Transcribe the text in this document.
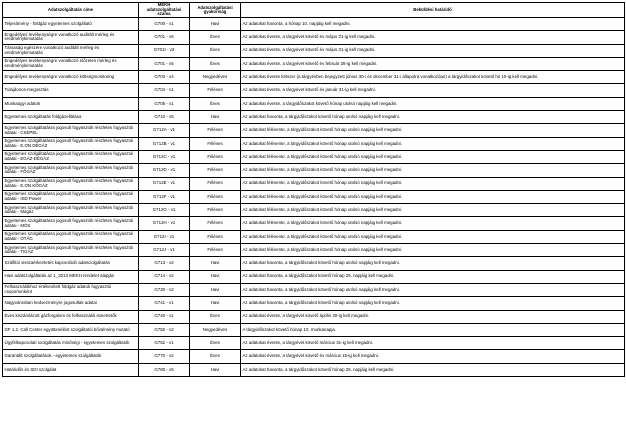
Adatszolgáltatás címe	MEKH adatszolgáltatási száma	Adatszolgáltatási gyakoriság	Beküldési határidő
Teljesítmény - földgáz egyetemes szolgáltató	G700 - v1	Havi	Az adatokat havonta, a hónap 10. napjáig kell megadni.
Engedélyes tevékenységre vonatkozó auditált mérleg és eredménykimutatás	G701 - v6	Éves	Az adatokat évente, a tárgyévet követő év május 31-ig kell megadni.
Társaság egészére vonatkozó auditált mérleg és eredménykimutatás	G701t - v3	Éves	Az adatokat évente, a tárgyévet követő év május 31-ig kell megadni.
Engedélyes tevékenységre vonatkozó előzetes mérleg és eredménykimutatás	G701 - v5	Éves	Az adatokat évente, a tárgyévet követő év február 28-ig kell megadni.
Engedélyes tevékenységre vonatkozó költségmonitoring	G703 - v4	Negyedéves	Az adatokat évente kétszer (a tárgyévben bejegyzett június 30-i és december 31-i állapotra vonatkozóan) a tárgyidőszakot követő hó 10-ig kell megadni.
Tulajdonos-megosztás	G704 - v1	Féléves	Az adatokat évente, a tárgyévet követő év január 31-ig kell megadni.
Munkaügyi adatok	G705 - v1	Éves	Az adatokat évente, a tárgyidőszakot követő hónap utolsó napjáig kell megadni.
Egyetemes szolgáltatás földgázellátása	G710 - v5	Havi	Az adatokat havonta, a tárgyidőszakot követő hónap utolsó napjáig kell megadni.
Egyetemes szolgáltatásra jogosult fogyasztók részletes fogyasztói adatai - CSEPEL	G712A - v1	Féléves	Az adatokat félévente, a tárgyidőszakot követő hónap utolsó napjáig kell megadni.
Egyetemes szolgáltatásra jogosult fogyasztók részletes fogyasztói adatai - E.ON DÉGÁZ	G712B - v1	Féléves	Az adatokat félévente, a tárgyidőszakot követő hónap utolsó napjáig kell megadni.
Egyetemes szolgáltatásra jogosult fogyasztók részletes fogyasztói adatai - EGÁZ-DÉGÁZ	G712C - v1	Féléves	Az adatokat félévente, a tárgyidőszakot követő hónap utolsó napjáig kell megadni.
Egyetemes szolgáltatásra jogosult fogyasztók részletes fogyasztói adatai - FŐGÁZ	G712D - v1	Féléves	Az adatokat félévente, a tárgyidőszakot követő hónap utolsó napjáig kell megadni.
Egyetemes szolgáltatásra jogosult fogyasztók részletes fogyasztói adatai - E.ON KÖGÁZ	G712E - v1	Féléves	Az adatokat félévente, a tárgyidőszakot követő hónap utolsó napjáig kell megadni.
Egyetemes szolgáltatásra jogosult fogyasztók részletes fogyasztói adatai - ISD Power	G712F - v1	Féléves	Az adatokat félévente, a tárgyidőszakot követő hónap utolsó napjáig kell megadni.
Egyetemes szolgáltatásra jogosult fogyasztók részletes fogyasztói adatai - Magáz	G712G - v1	Féléves	Az adatokat félévente, a tárgyidőszakot követő hónap utolsó napjáig kell megadni.
Egyetemes szolgáltatásra jogosult fogyasztók részletes fogyasztói adatai - MÓS	G712H - v1	Féléves	Az adatokat félévente, a tárgyidőszakot követő hónap utolsó napjáig kell megadni.
Egyetemes szolgáltatásra jogosult fogyasztók részletes fogyasztói adatai - OTÁG	G712I - v1	Féléves	Az adatokat félévente, a tárgyidőszakot követő hónap utolsó napjáig kell megadni.
Egyetemes szolgáltatásra jogosult fogyasztók részletes fogyasztói adatai - TIGÁZ	G712J - v1	Féléves	Az adatokat félévente, a tárgyidőszakot követő hónap utolsó napjáig kell megadni.
Szállítói visszaérkeztetés kapcsolódó adatszolgáltatás	G713 - v2	Havi	Az adatokat havonta, a tárgyidőszakot követő hónap utolsó napjáig kell megadni.
Havi adatszolgáltatás az 1_2013 MEKH rendelet alapján	G714 - v2	Havi	Az adatokat havonta, a tárgyidőszakot követő hónap 25. napjáig kell megadni.
Felhasználókhoz értékesített földgáz adatok fogyasztói csoportonként	G730 - v2	Havi	Az adatokat havonta, a tárgyidőszakot követő hónap utolsó napjáig kell megadni.
Nagyvárosban kedvezményre jogosultak adatai	G741 - v1	Havi	Az adatokat havonta, a tárgyidőszakot követő hónap utolsó napjáig kell megadni.
Éves kiszámlázott gázforgalom és felhasználói ismertetők	G740 - v1	Éves	Az adatokat évente, a tárgyévet követő április 30-ig kell megadni.
GF 1.2. Call Center együttesélést szolgáltatói bővülmény mutató	G750 - v2	Negyedéves	A tárgyidőszakot követő hónap 10. munkanapja.
Ügyfélkapcsolati szolgáltatás minőségi - egyetemes szolgáltatók	G752 - v1	Éves	Az adatokat évente, a tárgyévet követő március 31-ig kell megadni.
Garantált szolgáltatások - egyetemes szolgáltatók	G770 - v2	Éves	Az adatokat évente, a tárgyévet követő év március 15-ig kell megadni.
Határidős és SDI szolgálat	G780 - v5	Havi	Az adatokat havonta, a tárgyidőszakot követő hónap 25. napjáig kell megadni.
